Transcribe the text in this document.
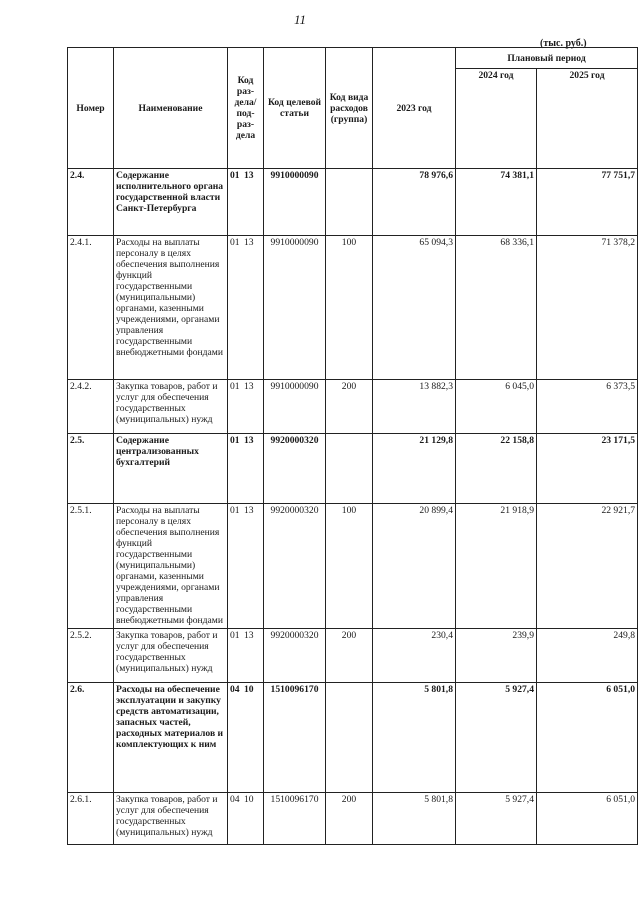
11
(тыс. руб.)
Номер	Наименование	Код раз-дела/ под-раз-дела	Код целевой статьи	Код вида расходов (группа)	2023 год	Плановый период	
						2024 год	2025 год
2.4.	Содержание исполнительного органа государственной власти Санкт-Петербурга	01 13	9910000090		78 976,6	74 381,1	77 751,7
2.4.1.	Расходы на выплаты персоналу в целях обеспечения выполнения функций государственными (муниципальными) органами, казенными учреждениями, органами управления государственными внебюджетными фондами	01 13	9910000090	100	65 094,3	68 336,1	71 378,2
2.4.2.	Закупка товаров, работ и услуг для обеспечения государственных (муниципальных) нужд	01 13	9910000090	200	13 882,3	6 045,0	6 373,5
2.5.	Содержание централизованных бухгалтерий	01 13	9920000320		21 129,8	22 158,8	23 171,5
2.5.1.	Расходы на выплаты персоналу в целях обеспечения выполнения функций государственными (муниципальными) органами, казенными учреждениями, органами управления государственными внебюджетными фондами	01 13	9920000320	100	20 899,4	21 918,9	22 921,7
2.5.2.	Закупка товаров, работ и услуг для обеспечения государственных (муниципальных) нужд	01 13	9920000320	200	230,4	239,9	249,8
2.6.	Расходы на обеспечение эксплуатации и закупку средств автоматизации, запасных частей, расходных материалов и комплектующих к ним	04 10	1510096170		5 801,8	5 927,4	6 051,0
2.6.1.	Закупка товаров, работ и услуг для обеспечения государственных (муниципальных) нужд	04 10	1510096170	200	5 801,8	5 927,4	6 051,0
